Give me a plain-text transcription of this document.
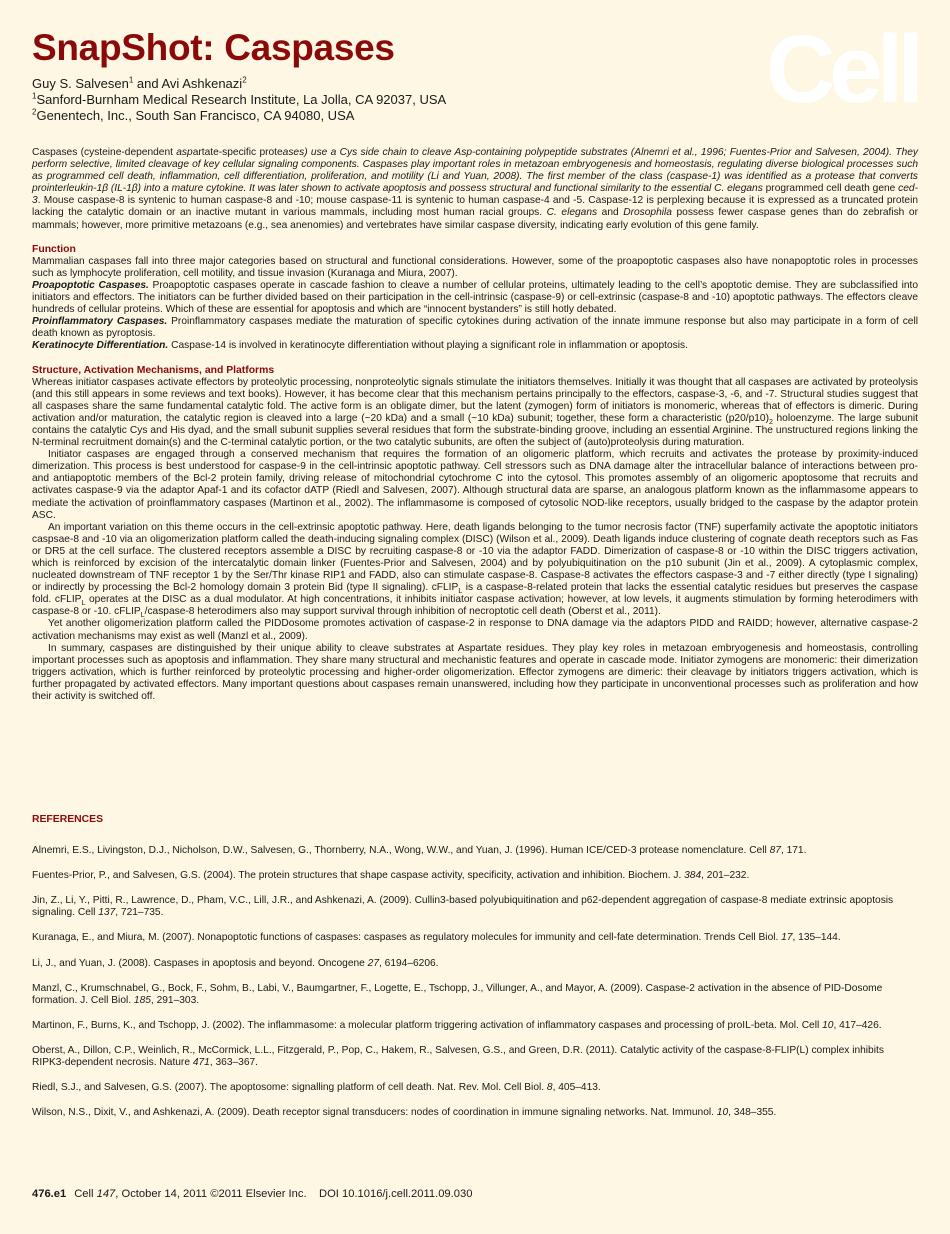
SnapShot: Caspases	Cell
Guy S. Salvesen$^1$ and Avi Ashkenazi$^2$
$^1$Sanford-Burnham Medical Research Institute, La Jolla, CA 92037, USA
$^2$Genentech, Inc., South San Francisco, CA 94080, USA

Caspases (cysteine-dependent aspartate-specific proteases) use a Cys side chain to cleave Asp-containing polypeptide substrates (Alnemri et al., 1996; Fuentes-Prior and Salvesen, 2004). They perform selective, limited cleavage of key cellular signaling components. Caspases play important roles in metazoan embryogenesis and homeostasis, regulating diverse biological processes such as programmed cell death, inflammation, cell differentiation, proliferation, and motility (Li and Yuan, 2008). The first member of the class (caspase-1) was identified as a protease that converts prointerleukin-1β (IL-1β) into a mature cytokine. It was later shown to activate apoptosis and possess structural and functional similarity to the essential C. elegans programmed cell death gene ced-3. Mouse caspase-8 is syntenic to human caspase-8 and -10; mouse caspase-11 is syntenic to human caspase-4 and -5. Caspase-12 is perplexing because it is expressed as a truncated protein lacking the catalytic domain or an inactive mutant in various mammals, including most human racial groups. C. elegans and Drosophila possess fewer caspase genes than do zebrafish or mammals; however, more primitive metazoans (e.g., sea anenomies) and vertebrates have similar caspase diversity, indicating early evolution of this gene family.

Function

Mammalian caspases fall into three major categories based on structural and functional considerations. However, some of the proapoptotic caspases also have nonapoptotic roles in processes such as lymphocyte proliferation, cell motility, and tissue invasion (Kuranaga and Miura, 2007).

Proapoptotic Caspases. Proapoptotic caspases operate in cascade fashion to cleave a number of cellular proteins, ultimately leading to the cell’s apoptotic demise. They are subclassified into initiators and effectors. The initiators can be further divided based on their participation in the cell-intrinsic (caspase-9) or cell-extrinsic (caspase-8 and -10) apoptotic pathways. The effectors cleave hundreds of cellular proteins. Which of these are essential for apoptosis and which are “innocent bystanders” is still hotly debated.

Proinflammatory Caspases. Proinflammatory caspases mediate the maturation of specific cytokines during activation of the innate immune response but also may participate in a form of cell death known as pyroptosis.

Keratinocyte Differentiation. Caspase-14 is involved in keratinocyte differentiation without playing a significant role in inflammation or apoptosis.

Structure, Activation Mechanisms, and Platforms

Whereas initiator caspases activate effectors by proteolytic processing, nonproteolytic signals stimulate the initiators themselves. Initially it was thought that all caspases are activated by proteolysis (and this still appears in some reviews and text books). However, it has become clear that this mechanism pertains principally to the effectors, caspase-3, -6, and -7. Structural studies suggest that all caspases share the same fundamental catalytic fold. The active form is an obligate dimer, but the latent (zymogen) form of initiators is monomeric, whereas that of effectors is dimeric. During activation and/or maturation, the catalytic region is cleaved into a large (~20 kDa) and a small (~10 kDa) subunit; together, these form a characteristic $(p20/p10)_2$ holoenzyme. The large subunit contains the catalytic Cys and His dyad, and the small subunit supplies several residues that form the substrate-binding groove, including an essential Arginine. The unstructured regions linking the N-terminal recruitment domain(s) and the C-terminal catalytic portion, or the two catalytic subunits, are often the subject of (auto)proteolysis during maturation.

Initiator caspases are engaged through a conserved mechanism that requires the formation of an oligomeric platform, which recruits and activates the protease by proximity-induced dimerization. This process is best understood for caspase-9 in the cell-intrinsic apoptotic pathway. Cell stressors such as DNA damage alter the intracellular balance of interactions between pro- and antiapoptotic members of the Bcl-2 protein family, driving release of mitochondrial cytochrome C into the cytosol. This promotes assembly of an oligomeric apoptosome that recruits and activates caspase-9 via the adaptor Apaf-1 and its cofactor dATP (Riedl and Salvesen, 2007). Although structural data are sparse, an analogous platform known as the inflammasome appears to mediate the activation of proinflammatory caspases (Martinon et al., 2002). The inflammasome is composed of cytosolic NOD-like receptors, usually bridged to the caspase by the adaptor protein ASC.

An important variation on this theme occurs in the cell-extrinsic apoptotic pathway. Here, death ligands belonging to the tumor necrosis factor (TNF) superfamily activate the apoptotic initiators caspsae-8 and -10 via an oligomerization platform called the death-inducing signaling complex (DISC) (Wilson et al., 2009). Death ligands induce clustering of cognate death receptors such as Fas or DR5 at the cell surface. The clustered receptors assemble a DISC by recruiting caspase-8 or -10 via the adaptor FADD. Dimerization of caspase-8 or -10 within the DISC triggers activation, which is reinforced by excision of the intercatalytic domain linker (Fuentes-Prior and Salvesen, 2004) and by polyubiquitination on the p10 subunit (Jin et al., 2009). A cytoplasmic complex, nucleated downstream of TNF receptor 1 by the Ser/Thr kinase RIP1 and FADD, also can stimulate caspase-8. Caspase-8 activates the effectors caspase-3 and -7 either directly (type I signaling) or indirectly by processing the Bcl-2 homology domain 3 protein Bid (type II signaling). cFLIP$_L$ is a caspase-8-related protein that lacks the essential catalytic residues but preserves the caspase fold. cFLIP$_L$ operates at the DISC as a dual modulator. At high concentrations, it inhibits initiator caspase activation; however, at low levels, it augments stimulation by forming heterodimers with caspase-8 or -10. cFLIP$_L$/caspase-8 heterodimers also may support survival through inhibition of necroptotic cell death (Oberst et al., 2011).

Yet another oligomerization platform called the PIDDosome promotes activation of caspase-2 in response to DNA damage via the adaptors PIDD and RAIDD; however, alternative caspase-2 activation mechanisms may exist as well (Manzl et al., 2009).

In summary, caspases are distinguished by their unique ability to cleave substrates at Aspartate residues. They play key roles in metazoan embryogenesis and homeostasis, controlling important processes such as apoptosis and inflammation. They share many structural and mechanistic features and operate in cascade mode. Initiator zymogens are monomeric: their dimerization triggers activation, which is further reinforced by proteolytic processing and higher-order oligomerization. Effector zymogens are dimeric: their cleavage by initiators triggers activation, which is further propagated by activated effectors. Many important questions about caspases remain unanswered, including how they participate in unconventional processes such as proliferation and how their activity is switched off.

REFERENCES

Alnemri, E.S., Livingston, D.J., Nicholson, D.W., Salvesen, G., Thornberry, N.A., Wong, W.W., and Yuan, J. (1996). Human ICE/CED-3 protease nomenclature. Cell 87, 171.

Fuentes-Prior, P., and Salvesen, G.S. (2004). The protein structures that shape caspase activity, specificity, activation and inhibition. Biochem. J. 384, 201–232.

Jin, Z., Li, Y., Pitti, R., Lawrence, D., Pham, V.C., Lill, J.R., and Ashkenazi, A. (2009). Cullin3-based polyubiquitination and p62-dependent aggregation of caspase-8 mediate extrinsic apoptosis signaling. Cell 137, 721–735.

Kuranaga, E., and Miura, M. (2007). Nonapoptotic functions of caspases: caspases as regulatory molecules for immunity and cell-fate determination. Trends Cell Biol. 17, 135–144.

Li, J., and Yuan, J. (2008). Caspases in apoptosis and beyond. Oncogene 27, 6194–6206.

Manzl, C., Krumschnabel, G., Bock, F., Sohm, B., Labi, V., Baumgartner, F., Logette, E., Tschopp, J., Villunger, A., and Mayor, A. (2009). Caspase-2 activation in the absence of PID-Dosome formation. J. Cell Biol. 185, 291–303.

Martinon, F., Burns, K., and Tschopp, J. (2002). The inflammasome: a molecular platform triggering activation of inflammatory caspases and processing of proIL-beta. Mol. Cell 10, 417–426.

Oberst, A., Dillon, C.P., Weinlich, R., McCormick, L.L., Fitzgerald, P., Pop, C., Hakem, R., Salvesen, G.S., and Green, D.R. (2011). Catalytic activity of the caspase-8-FLIP(L) complex inhibits RIPK3-dependent necrosis. Nature 471, 363–367.

Riedl, S.J., and Salvesen, G.S. (2007). The apoptosome: signalling platform of cell death. Nat. Rev. Mol. Cell Biol. 8, 405–413.

Wilson, N.S., Dixit, V., and Ashkenazi, A. (2009). Death receptor signal transducers: nodes of coordination in immune signaling networks. Nat. Immunol. 10, 348–355.

476.e1 Cell 147, October 14, 2011 ©2011 Elsevier Inc.    DOI 10.1016/j.cell.2011.09.030
